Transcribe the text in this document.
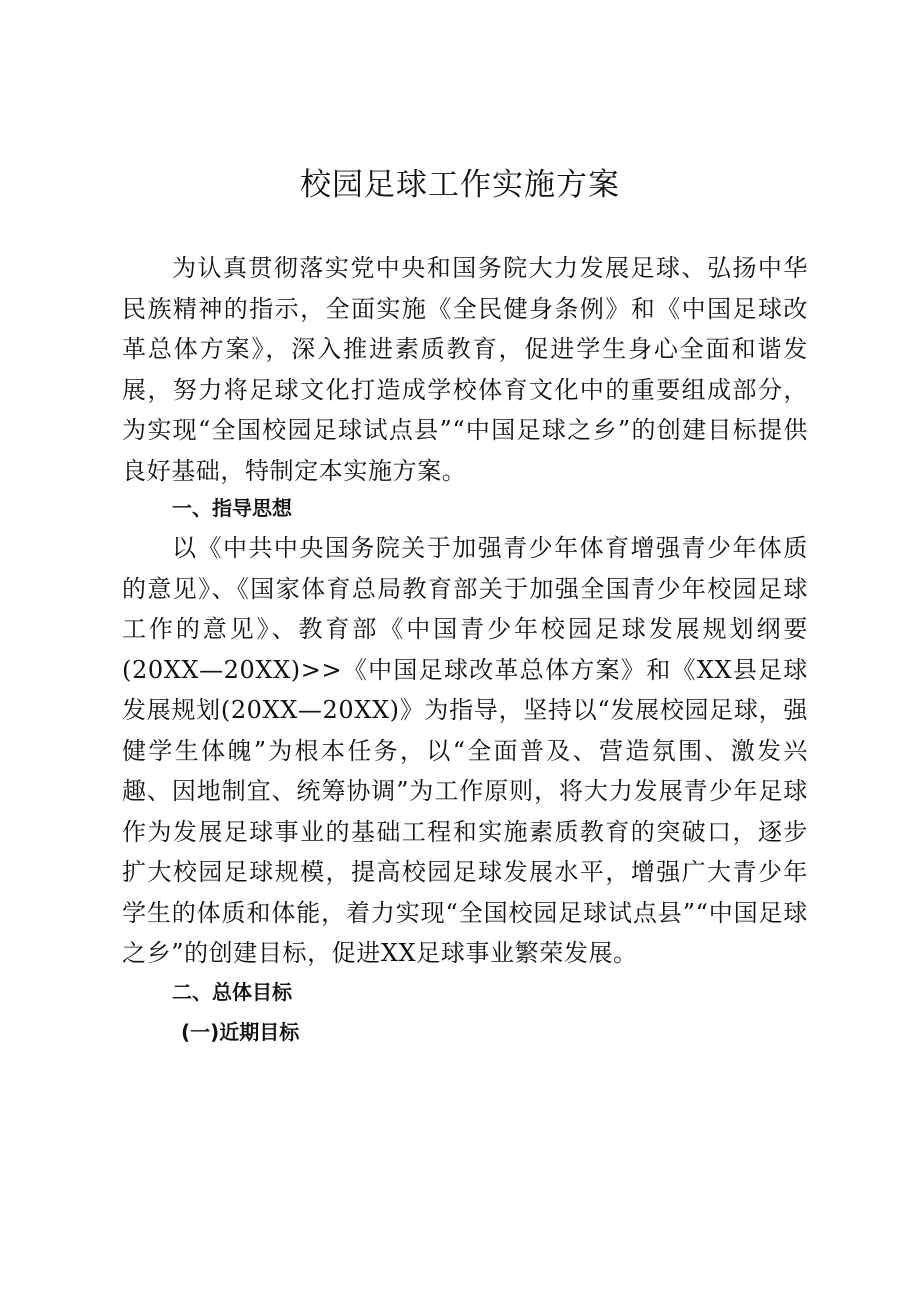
校园足球工作实施方案

为认真贯彻落实党中央和国务院大力发展足球、弘扬中华民族精神的指示，全面实施《全民健身条例》和《中国足球改革总体方案》，深入推进素质教育，促进学生身心全面和谐发展，努力将足球文化打造成学校体育文化中的重要组成部分，为实现“全国校园足球试点县”“中国足球之乡”的创建目标提供良好基础，特制定本实施方案。

一、指导思想

以《中共中央国务院关于加强青少年体育增强青少年体质的意见》、《国家体育总局教育部关于加强全国青少年校园足球工作的意见》、教育部《中国青少年校园足球发展规划纲要(20XX—20XX)>>《中国足球改革总体方案》和《XX县足球发展规划(20XX—20XX)》为指导，坚持以“发展校园足球，强健学生体魄”为根本任务，以“全面普及、营造氛围、激发兴趣、因地制宜、统筹协调”为工作原则，将大力发展青少年足球作为发展足球事业的基础工程和实施素质教育的突破口，逐步扩大校园足球规模，提高校园足球发展水平，增强广大青少年学生的体质和体能，着力实现“全国校园足球试点县”“中国足球之乡”的创建目标，促进XX足球事业繁荣发展。

二、总体目标

(一)近期目标
